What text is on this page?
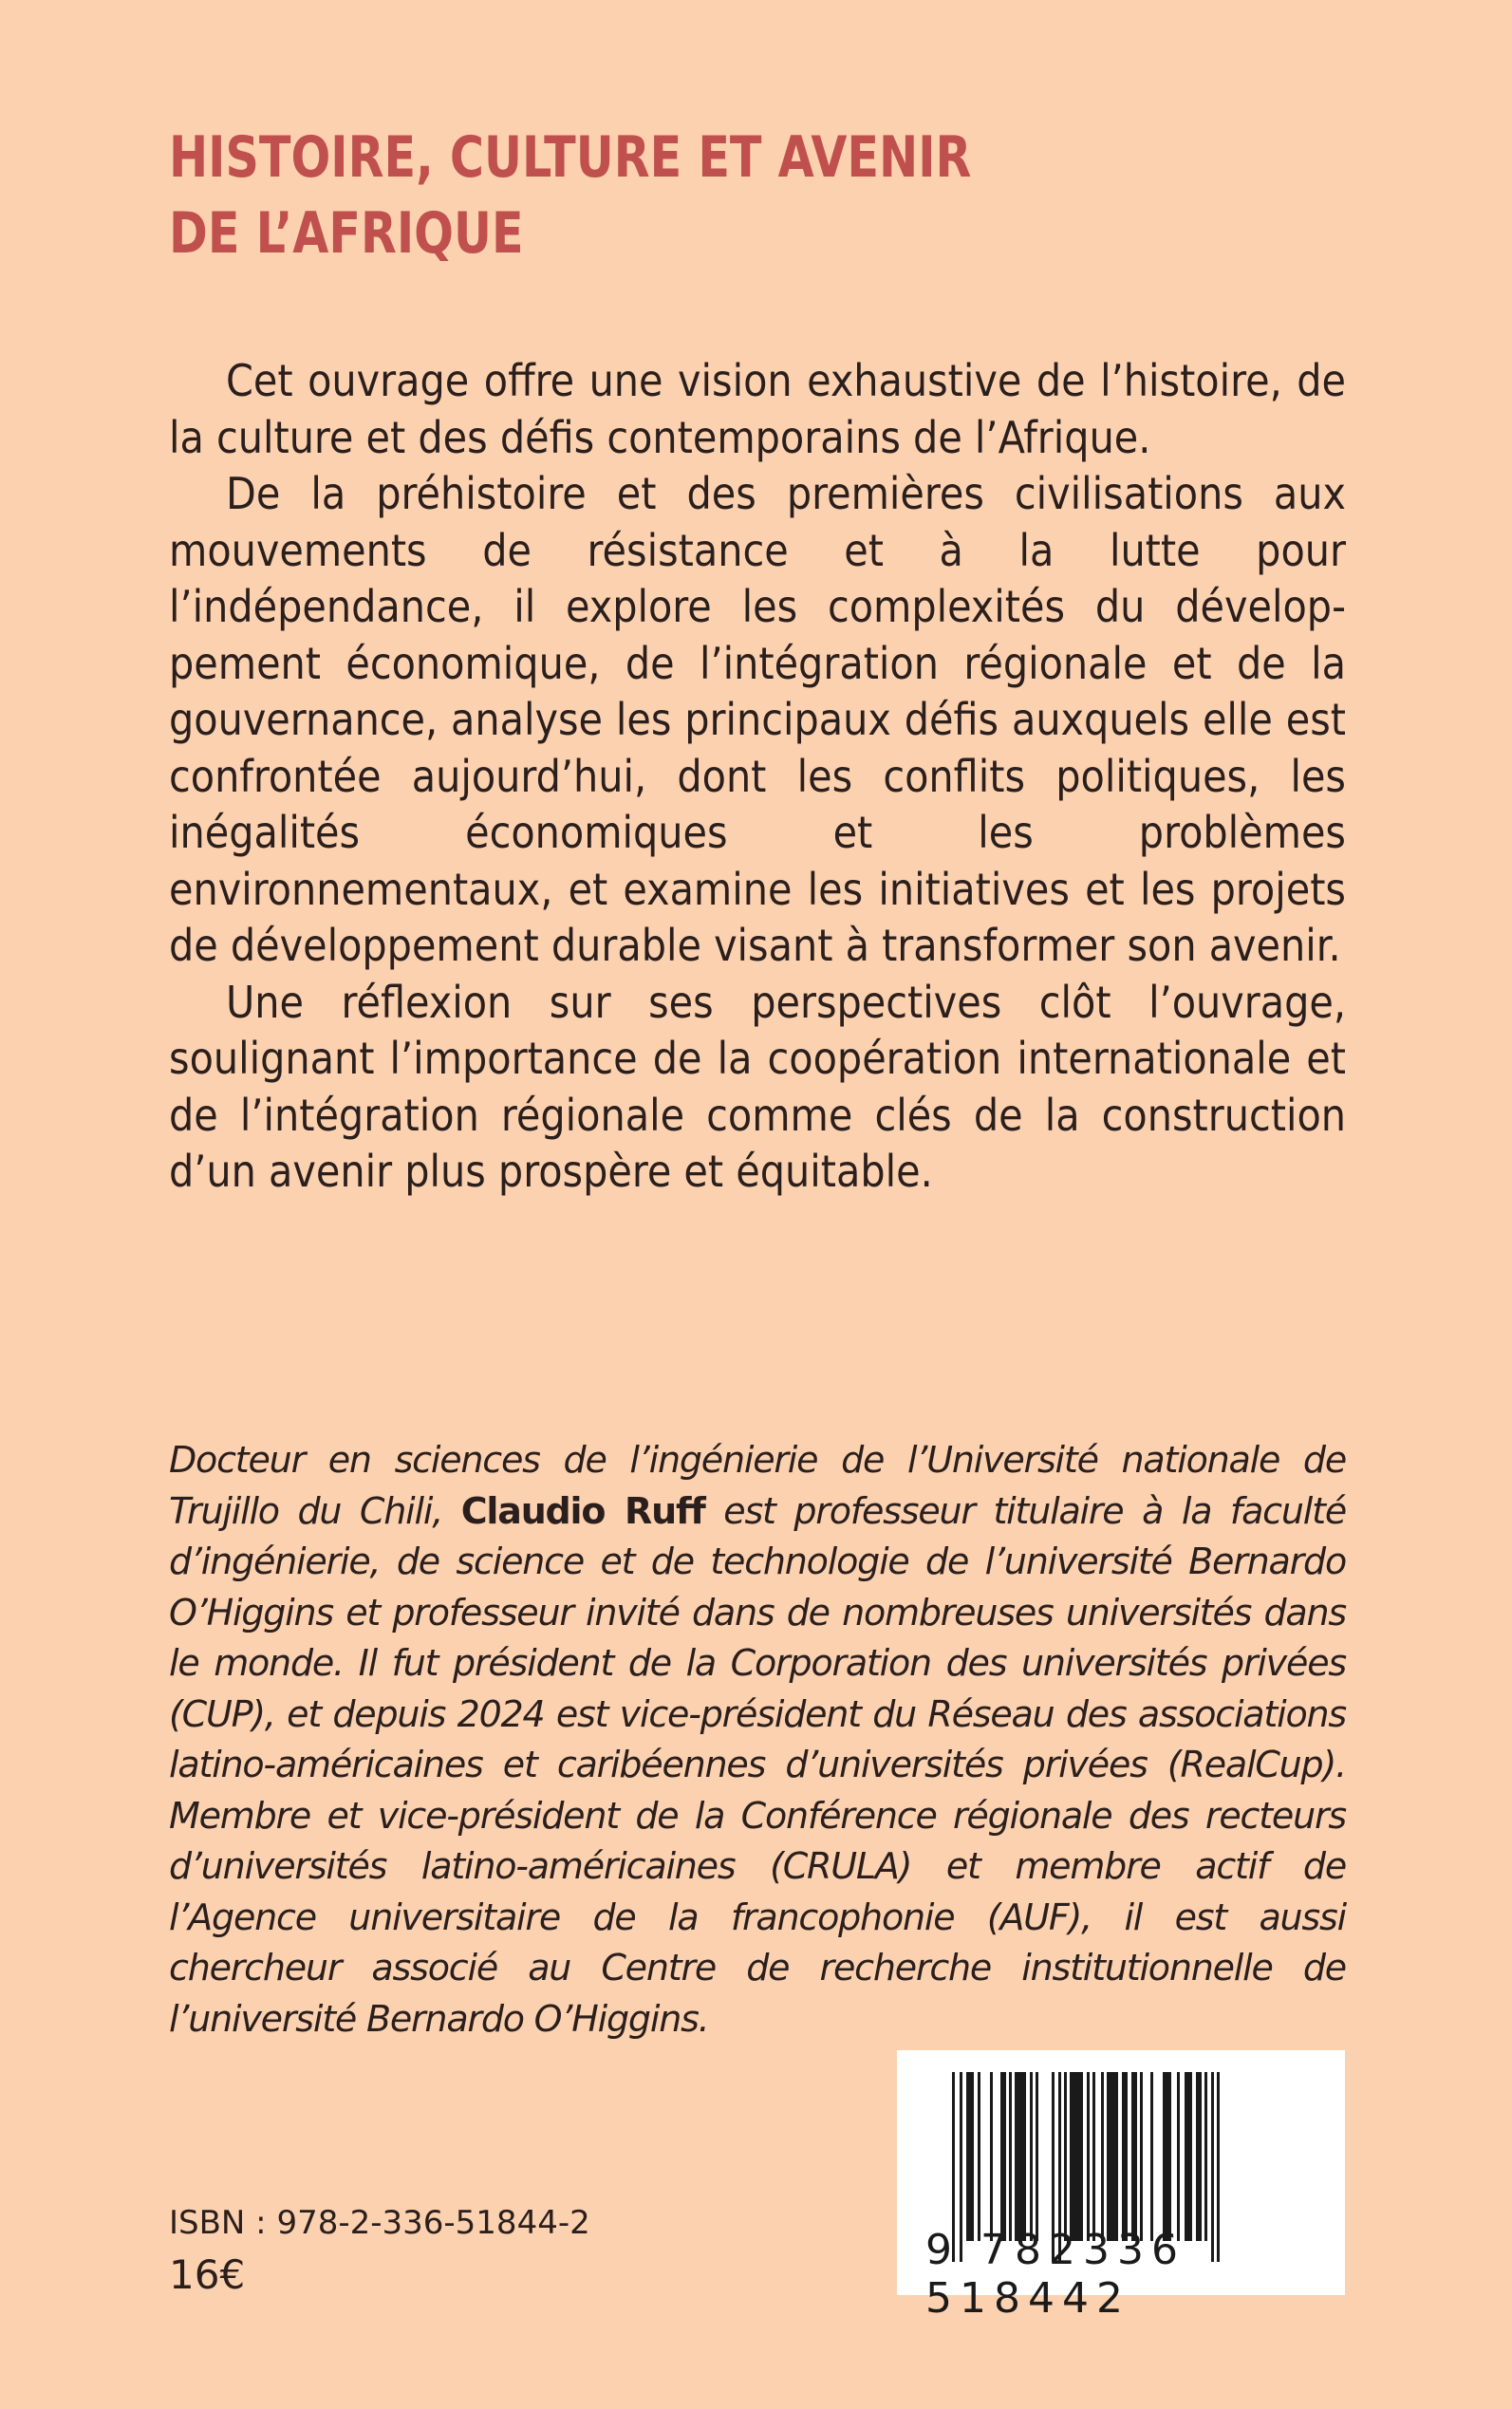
HISTOIRE, CULTURE ET AVENIR
DE L’AFRIQUE

Cet ouvrage offre une vision exhaustive de l’histoire, de la culture et des défis contemporains de l’Afrique.

De la préhistoire et des premières civilisations aux mouvements de résistance et à la lutte pour l’indépendance, il explore les complexités du développement économique, de l’intégration régionale et de la gouvernance, analyse les principaux défis auxquels elle est confrontée aujourd’hui, dont les conflits politiques, les inégalités économiques et les problèmes environnementaux, et examine les initiatives et les projets de développement durable visant à transformer son avenir.

Une réflexion sur ses perspectives clôt l’ouvrage, soulignant l’importance de la coopération internationale et de l’intégration régionale comme clés de la construction d’un avenir plus prospère et équitable.

Docteur en sciences de l’ingénierie de l’Université nationale de Trujillo du Chili, Claudio Ruff est professeur titulaire à la faculté d’ingénierie, de science et de technologie de l’université Bernardo O’Higgins et professeur invité dans de nombreuses universités dans le monde. Il fut président de la Corporation des universités privées (CUP), et depuis 2024 est vice-président du Réseau des associations latino-américaines et caribéennes d’universités privées (RealCup). Membre et vice-président de la Conférence régionale des recteurs d’universités latino-américaines (CRULA) et membre actif de l’Agence universitaire de la francophonie (AUF), il est aussi chercheur associé au Centre de recherche institutionnelle de l’université Bernardo O’Higgins.
ISBN : 978-2-336-51844-2
16€
9 782336 518442
